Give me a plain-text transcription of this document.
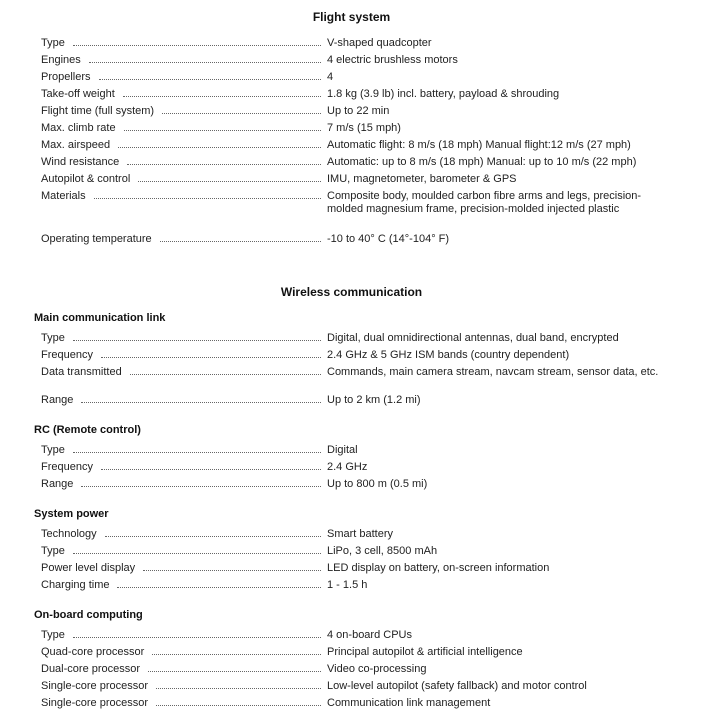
Flight system
Type	V-shaped quadcopter
Engines	4 electric brushless motors
Propellers	4
Take-off weight	1.8 kg (3.9 lb) incl. battery, payload & shrouding
Flight time (full system)	Up to 22 min
Max. climb rate	7 m/s (15 mph)
Max. airspeed	Automatic flight: 8 m/s (18 mph) Manual flight:12 m/s (27 mph)
Wind resistance	Automatic: up to 8 m/s (18 mph) Manual: up to 10 m/s (22 mph)
Autopilot & control	IMU, magnetometer, barometer & GPS
Materials	Composite body, moulded carbon fibre arms and legs, precision-molded magnesium frame, precision-molded injected plastic
Operating temperature	-10 to 40° C (14°-104° F)
Wireless communication
Main communication link
Type	Digital, dual omnidirectional antennas, dual band, encrypted
Frequency	2.4 GHz & 5 GHz ISM bands (country dependent)
Data transmitted	Commands, main camera stream, navcam stream, sensor data, etc.
Range	Up to 2 km (1.2 mi)
RC (Remote control)
Type	Digital
Frequency	2.4 GHz
Range	Up to 800 m (0.5 mi)
System power
Technology	Smart battery
Type	LiPo, 3 cell, 8500 mAh
Power level display	LED display on battery, on-screen information
Charging time	1 - 1.5 h
On-board computing
Type	4 on-board CPUs
Quad-core processor	Principal autopilot & artificial intelligence
Dual-core processor	Video co-processing
Single-core processor	Low-level autopilot (safety fallback) and motor control
Single-core processor	Communication link management
